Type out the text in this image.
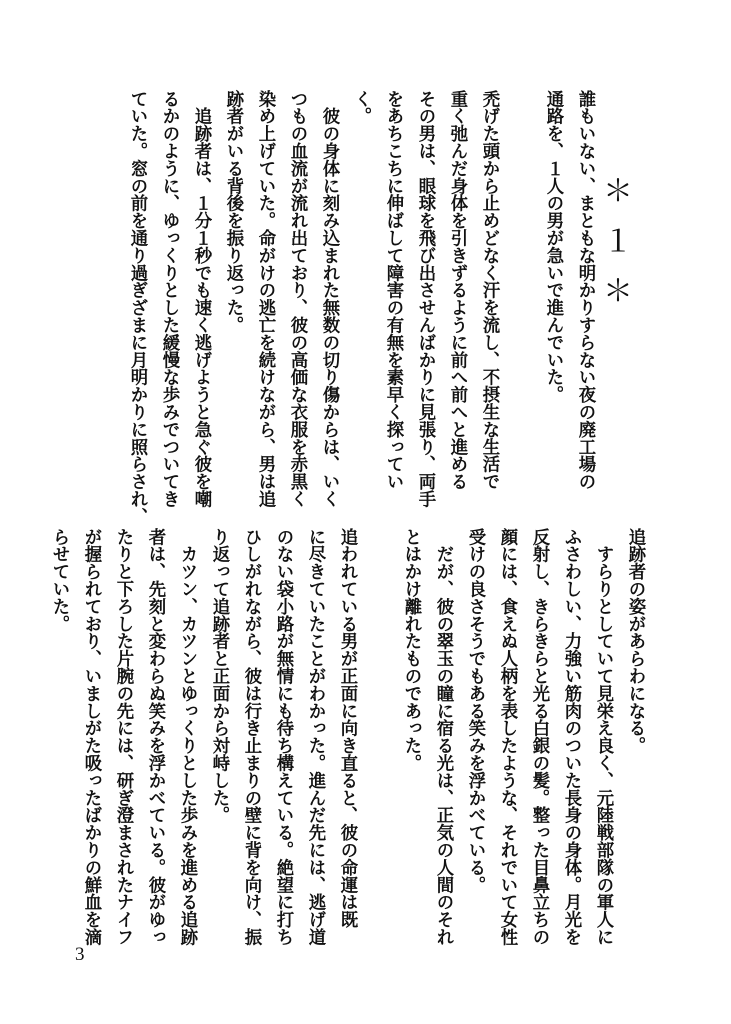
＊１＊

誰もいない、まともな明かりすらない夜の廃工場の

通路を、１人の男が急いで進んでいた。

禿げた頭から止めどなく汗を流し、不摂生な生活で

重く弛んだ身体を引きずるように前へ前へと進める

その男は、眼球を飛び出させんばかりに見張り、両手

をあちこちに伸ばして障害の有無を素早く探ってい

く。

　彼の身体に刻み込まれた無数の切り傷からは、いく

つもの血流が流れ出ており、彼の高価な衣服を赤黒く

染め上げていた。命がけの逃亡を続けながら、男は追

跡者がいる背後を振り返った。

　追跡者は、１分１秒でも速く逃げようと急ぐ彼を嘲

るかのように、ゆっくりとした緩慢な歩みでついてき

ていた。窓の前を通り過ぎざまに月明かりに照らされ、

追跡者の姿があらわになる。

　すらりとしていて見栄え良く、元陸戦部隊の軍人に

ふさわしい、力強い筋肉のついた長身の身体。月光を

反射し、きらきらと光る白銀の髪。整った目鼻立ちの

顔には、食えぬ人柄を表したような、それでいて女性

受けの良さそうでもある笑みを浮かべている。

　だが、彼の翠玉の瞳に宿る光は、正気の人間のそれ

とはかけ離れたものであった。

追われている男が正面に向き直ると、彼の命運は既

に尽きていたことがわかった。進んだ先には、逃げ道

のない袋小路が無情にも待ち構えている。絶望に打ち

ひしがれながら、彼は行き止まりの壁に背を向け、振

り返って追跡者と正面から対峙した。

　カツン、カツンとゆっくりとした歩みを進める追跡

者は、先刻と変わらぬ笑みを浮かべている。彼がゆっ

たりと下ろした片腕の先には、研ぎ澄まされたナイフ

が握られており、いましがた吸ったばかりの鮮血を滴

らせていた。

3
